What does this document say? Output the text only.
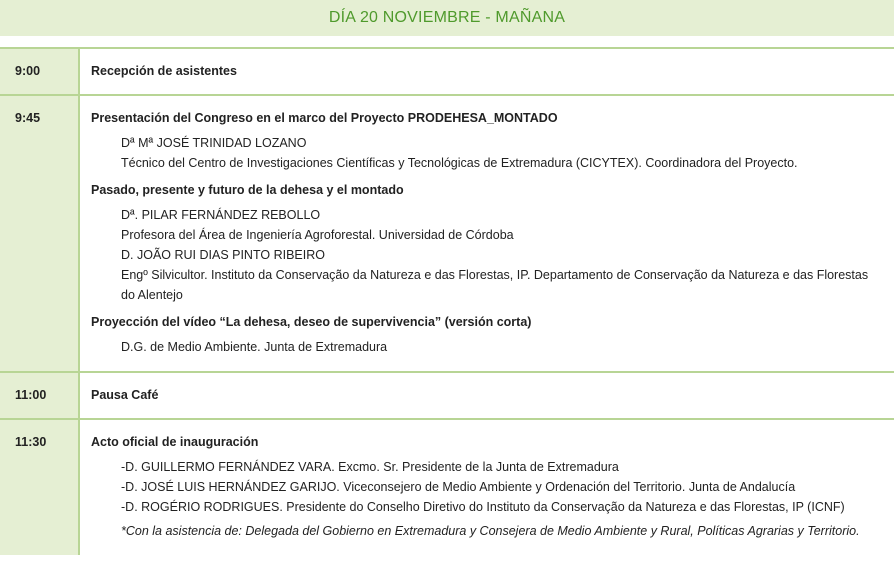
DÍA 20 NOVIEMBRE - MAÑANA
9:00	Recepción de asistentes
9:45	Presentación del Congreso en el marco del Proyecto PRODEHESA_MONTADO
Dª Mª JOSÉ TRINIDAD LOZANO
Técnico del Centro de Investigaciones Científicas y Tecnológicas de Extremadura (CICYTEX). Coordinadora del Proyecto.
Pasado, presente y futuro de la dehesa y el montado
Dª. PILAR FERNÁNDEZ REBOLLO
Profesora del Área de Ingeniería Agroforestal. Universidad de Córdoba
D. JOÃO RUI DIAS PINTO RIBEIRO
Engº Silvicultor. Instituto da Conservação da Natureza e das Florestas, IP. Departamento de Conservação da Natureza e das Florestas do Alentejo
Proyección del vídeo “La dehesa, deseo de supervivencia” (versión corta)
D.G. de Medio Ambiente. Junta de Extremadura
11:00	Pausa Café
11:30	Acto oficial de inauguración
-D. GUILLERMO FERNÁNDEZ VARA. Excmo. Sr. Presidente de la Junta de Extremadura
-D. JOSÉ LUIS HERNÁNDEZ GARIJO. Viceconsejero de Medio Ambiente y Ordenación del Territorio. Junta de Andalucía
-D. ROGÉRIO RODRIGUES. Presidente do Conselho Diretivo do Instituto da Conservação da Natureza e das Florestas, IP (ICNF)
*Con la asistencia de: Delegada del Gobierno en Extremadura y Consejera de Medio Ambiente y Rural, Políticas Agrarias y Territorio.
